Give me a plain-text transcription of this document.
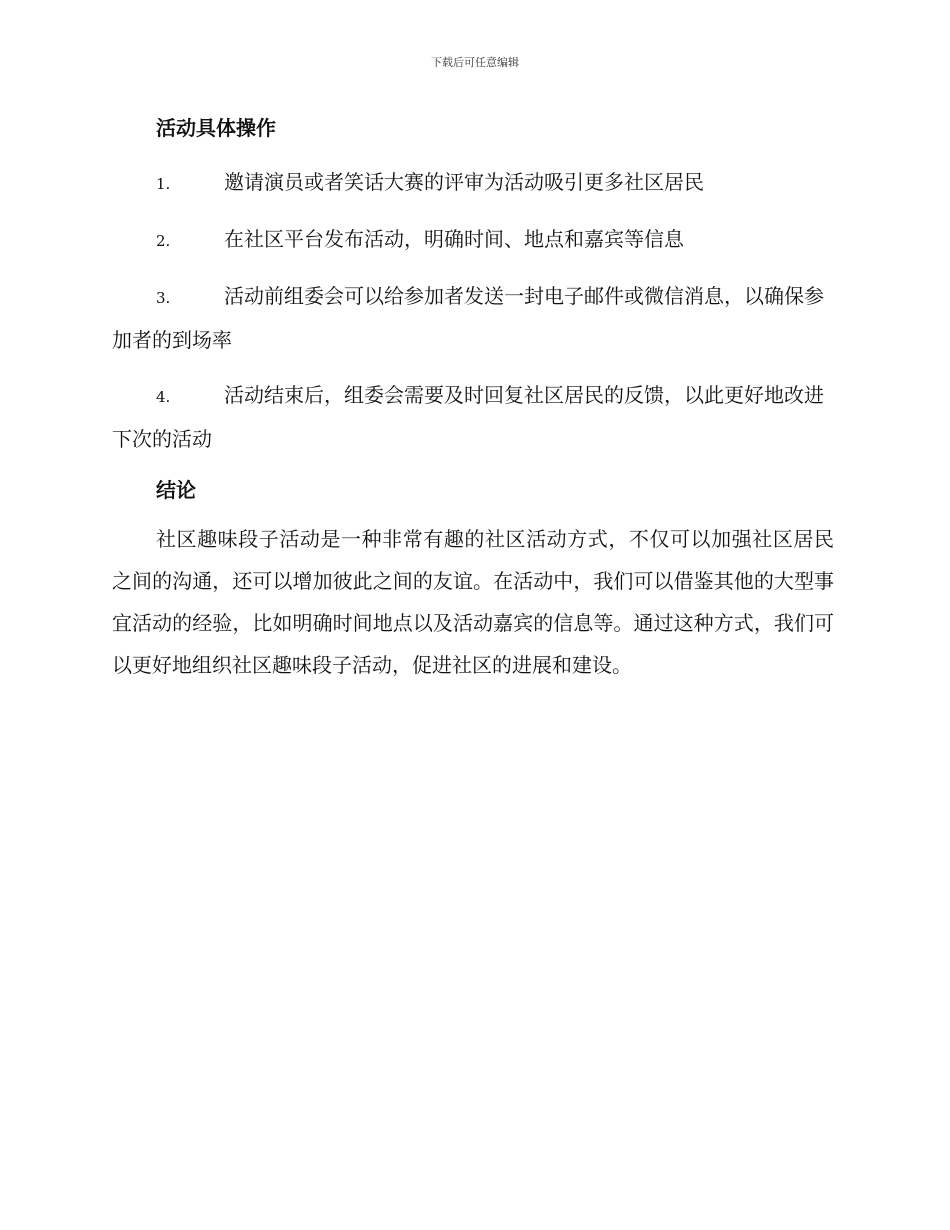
下载后可任意编辑
活动具体操作

1.	邀请演员或者笑话大赛的评审为活动吸引更多社区居民

2.	在社区平台发布活动，明确时间、地点和嘉宾等信息

3.	活动前组委会可以给参加者发送一封电子邮件或微信消息，以确保参加者的到场率

4.	活动结束后，组委会需要及时回复社区居民的反馈，以此更好地改进下次的活动

结论

社区趣味段子活动是一种非常有趣的社区活动方式，不仅可以加强社区居民之间的沟通，还可以增加彼此之间的友谊。在活动中，我们可以借鉴其他的大型事宜活动的经验，比如明确时间地点以及活动嘉宾的信息等。通过这种方式，我们可以更好地组织社区趣味段子活动，促进社区的进展和建设。
